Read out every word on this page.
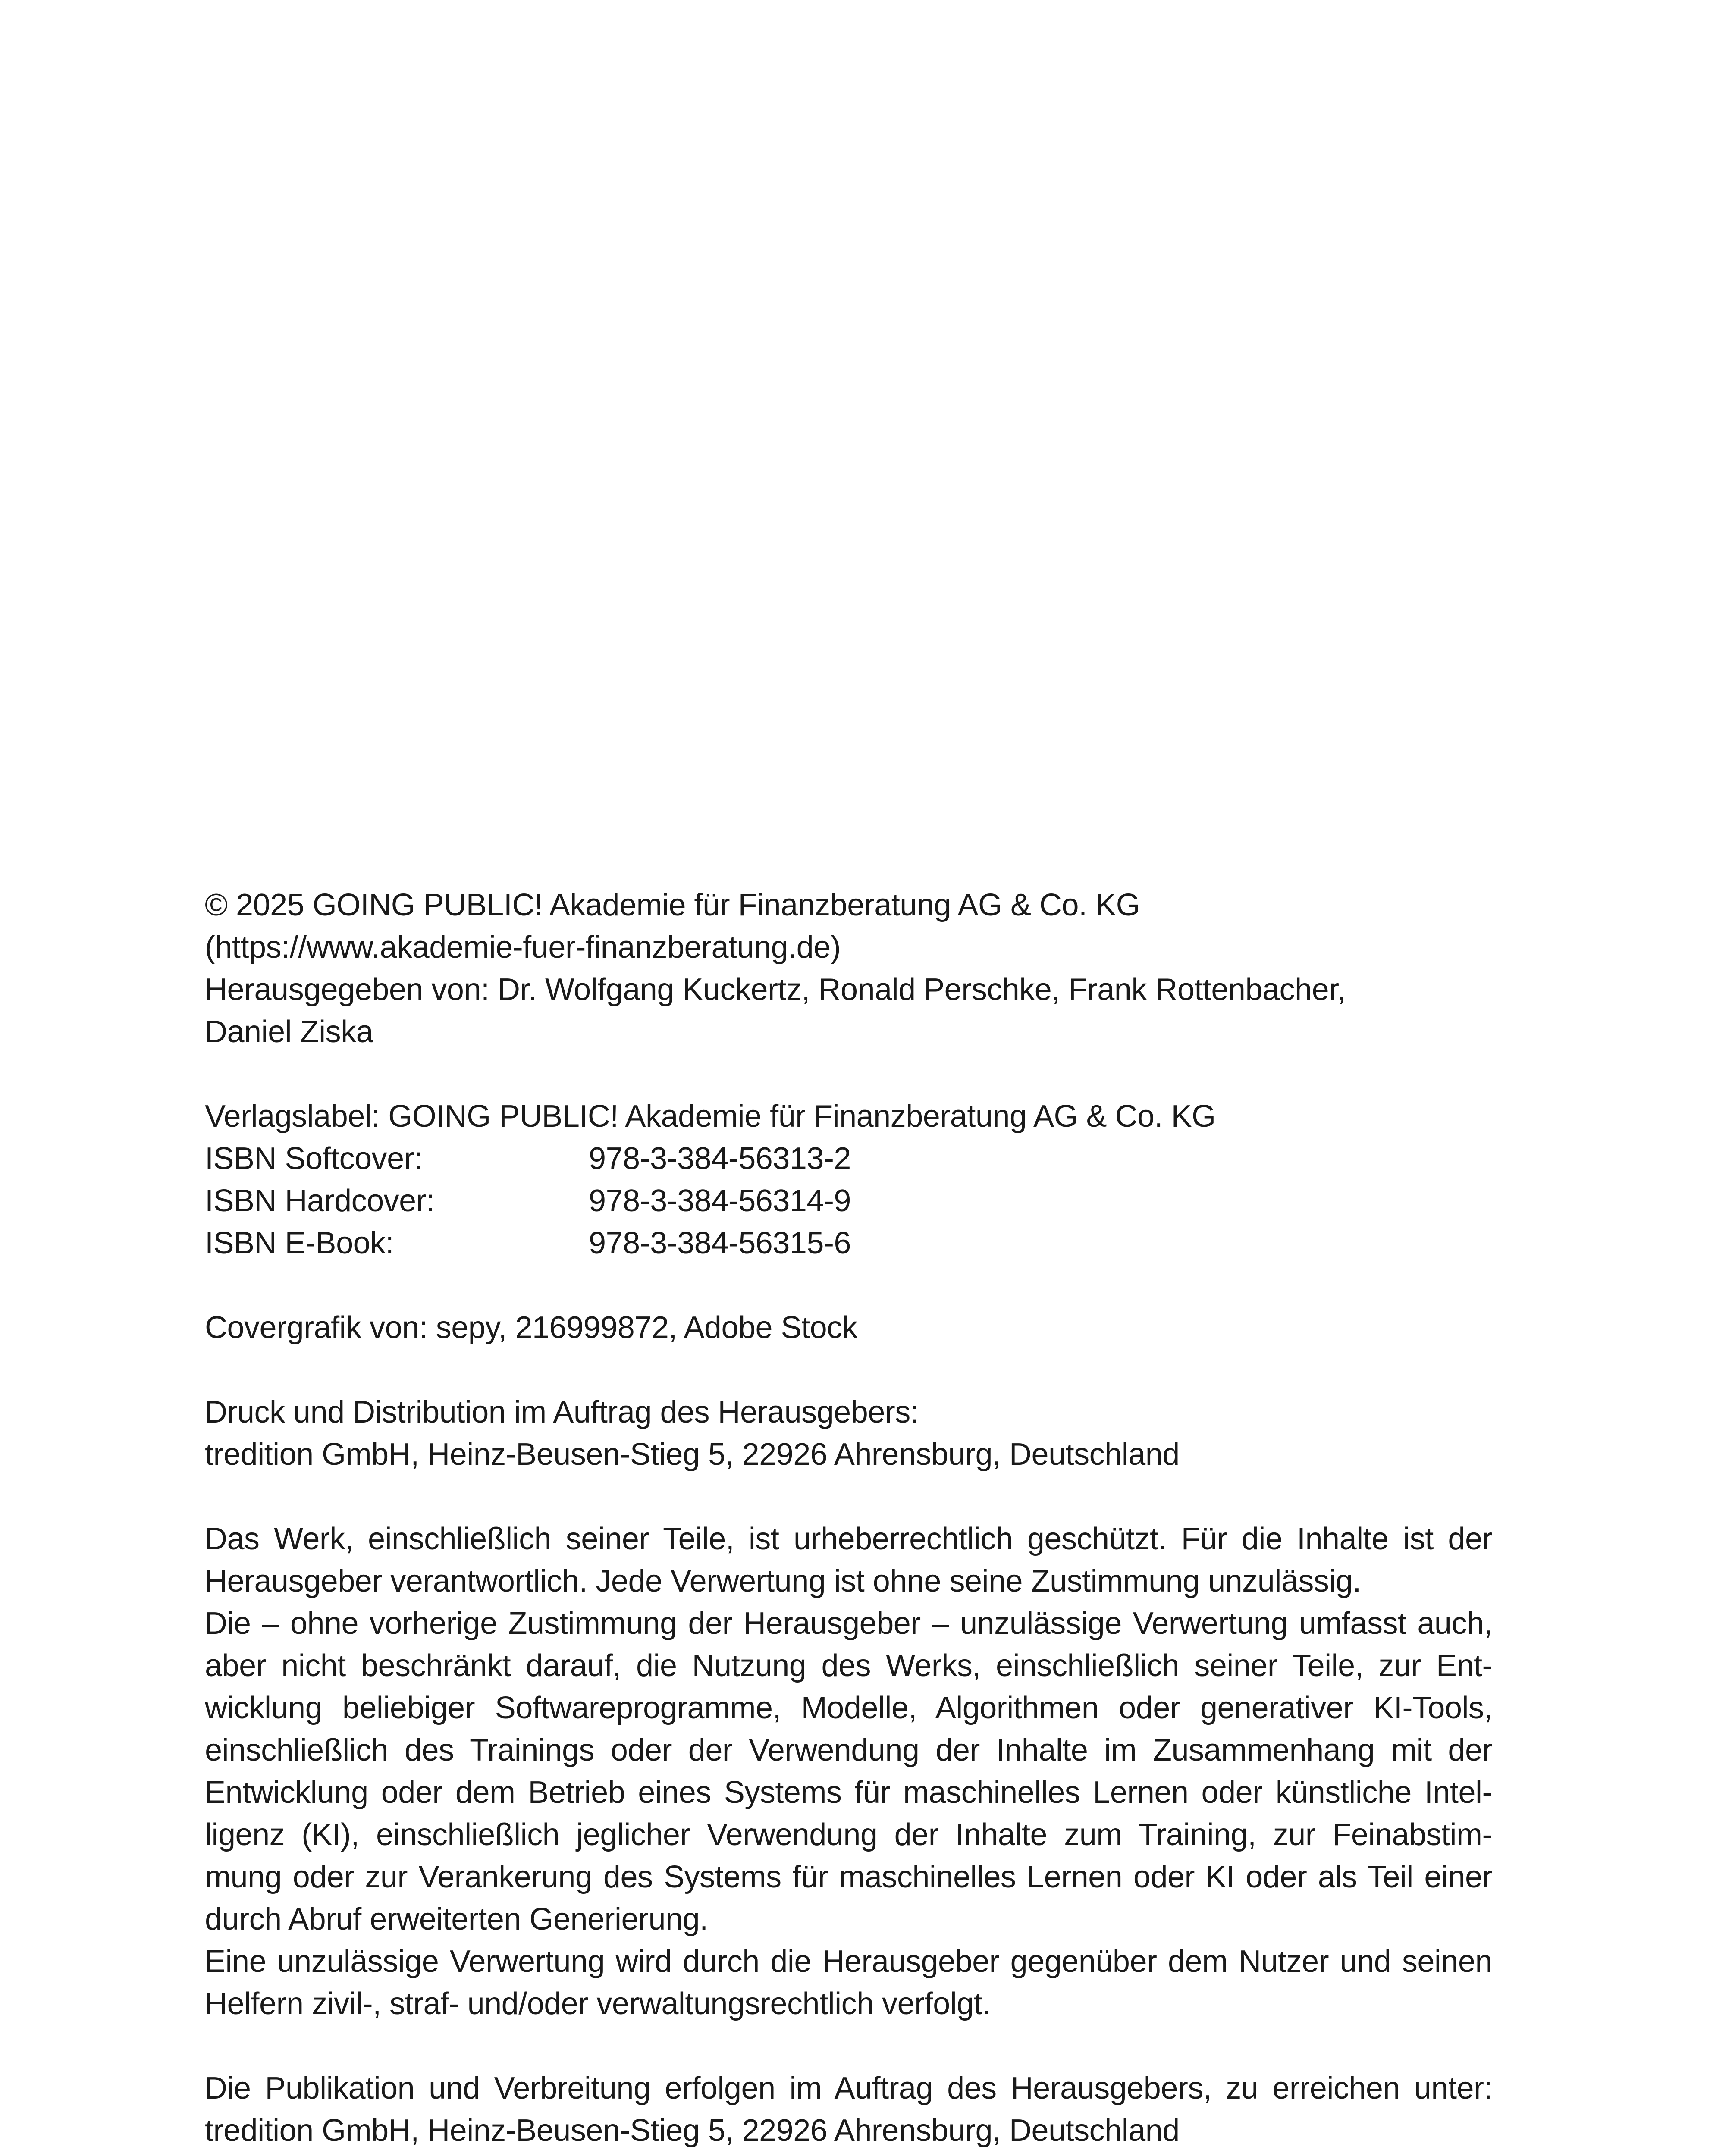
© 2025 GOING PUBLIC! Akademie für Finanzberatung AG & Co. KG
(https://www.akademie-fuer-finanzberatung.de)
Herausgegeben von: Dr. Wolfgang Kuckertz, Ronald Perschke, Frank Rottenbacher,
Daniel Ziska
Verlagslabel: GOING PUBLIC! Akademie für Finanzberatung AG & Co. KG
ISBN Softcover:	978-3-384-56313-2
ISBN Hardcover:	978-3-384-56314-9
ISBN E-Book:	978-3-384-56315-6
Covergrafik von: sepy, 216999872, Adobe Stock
Druck und Distribution im Auftrag des Herausgebers:
tredition GmbH, Heinz-Beusen-Stieg 5, 22926 Ahrensburg, Deutschland
Das Werk, einschließlich seiner Teile, ist urheberrechtlich geschützt. Für die Inhalte ist der
Herausgeber verantwortlich. Jede Verwertung ist ohne seine Zustimmung unzulässig.
Die – ohne vorherige Zustimmung der Herausgeber – unzulässige Verwertung umfasst auch,
aber nicht beschränkt darauf, die Nutzung des Werks, einschließlich seiner Teile, zur Ent-
wicklung beliebiger Softwareprogramme, Modelle, Algorithmen oder generativer KI-Tools,
einschließlich des Trainings oder der Verwendung der Inhalte im Zusammenhang mit der
Entwicklung oder dem Betrieb eines Systems für maschinelles Lernen oder künstliche Intel-
ligenz (KI), einschließlich jeglicher Verwendung der Inhalte zum Training, zur Feinabstim-
mung oder zur Verankerung des Systems für maschinelles Lernen oder KI oder als Teil einer
durch Abruf erweiterten Generierung.
Eine unzulässige Verwertung wird durch die Herausgeber gegenüber dem Nutzer und seinen
Helfern zivil-, straf- und/oder verwaltungsrechtlich verfolgt.
Die Publikation und Verbreitung erfolgen im Auftrag des Herausgebers, zu erreichen unter:
tredition GmbH, Heinz-Beusen-Stieg 5, 22926 Ahrensburg, Deutschland
